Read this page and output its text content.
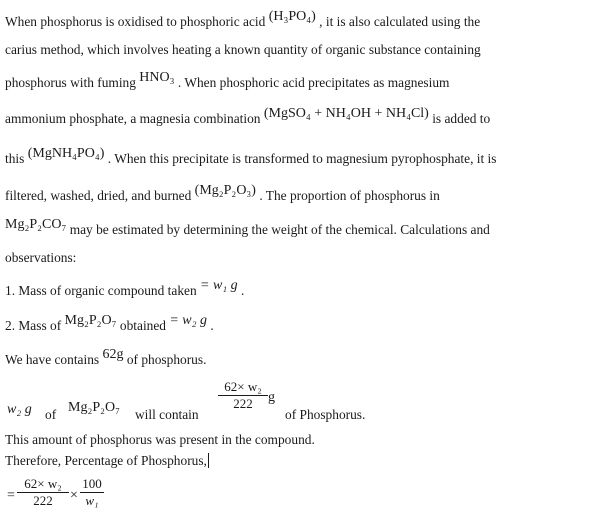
When phosphorus is oxidised to phosphoric acid (H₃PO₄) , it is also calculated using the
carius method, which involves heating a known quantity of organic substance containing
phosphorus with fuming HNO₃ . When phosphoric acid precipitates as magnesium
ammonium phosphate, a magnesia combination (MgSO₄ + NH₄OH + NH₄Cl) is added to
this (MgNH₄PO₄) . When this precipitate is transformed to magnesium pyrophosphate, it is
filtered, washed, dried, and burned (Mg₂P₂O₃) . The proportion of phosphorus in
Mg₂P₂CO₇ may be estimated by determining the weight of the chemical. Calculations and
observations:
1. Mass of organic compound taken = w₁ g .
2. Mass of Mg₂P₂O₇ obtained = w₂ g .
We have contains 62g of phosphorus.
w₂ g of Mg₂P₂O₇ will contain
$\frac{\text{62× w₂}}{222}$ g
of Phosphorus.
This amount of phosphorus was present in the compound.
Therefore, Percentage of Phosphorus,
= $\frac{\text{62× w₂}}{222} \times \frac{100}{\text{w₁}}$
